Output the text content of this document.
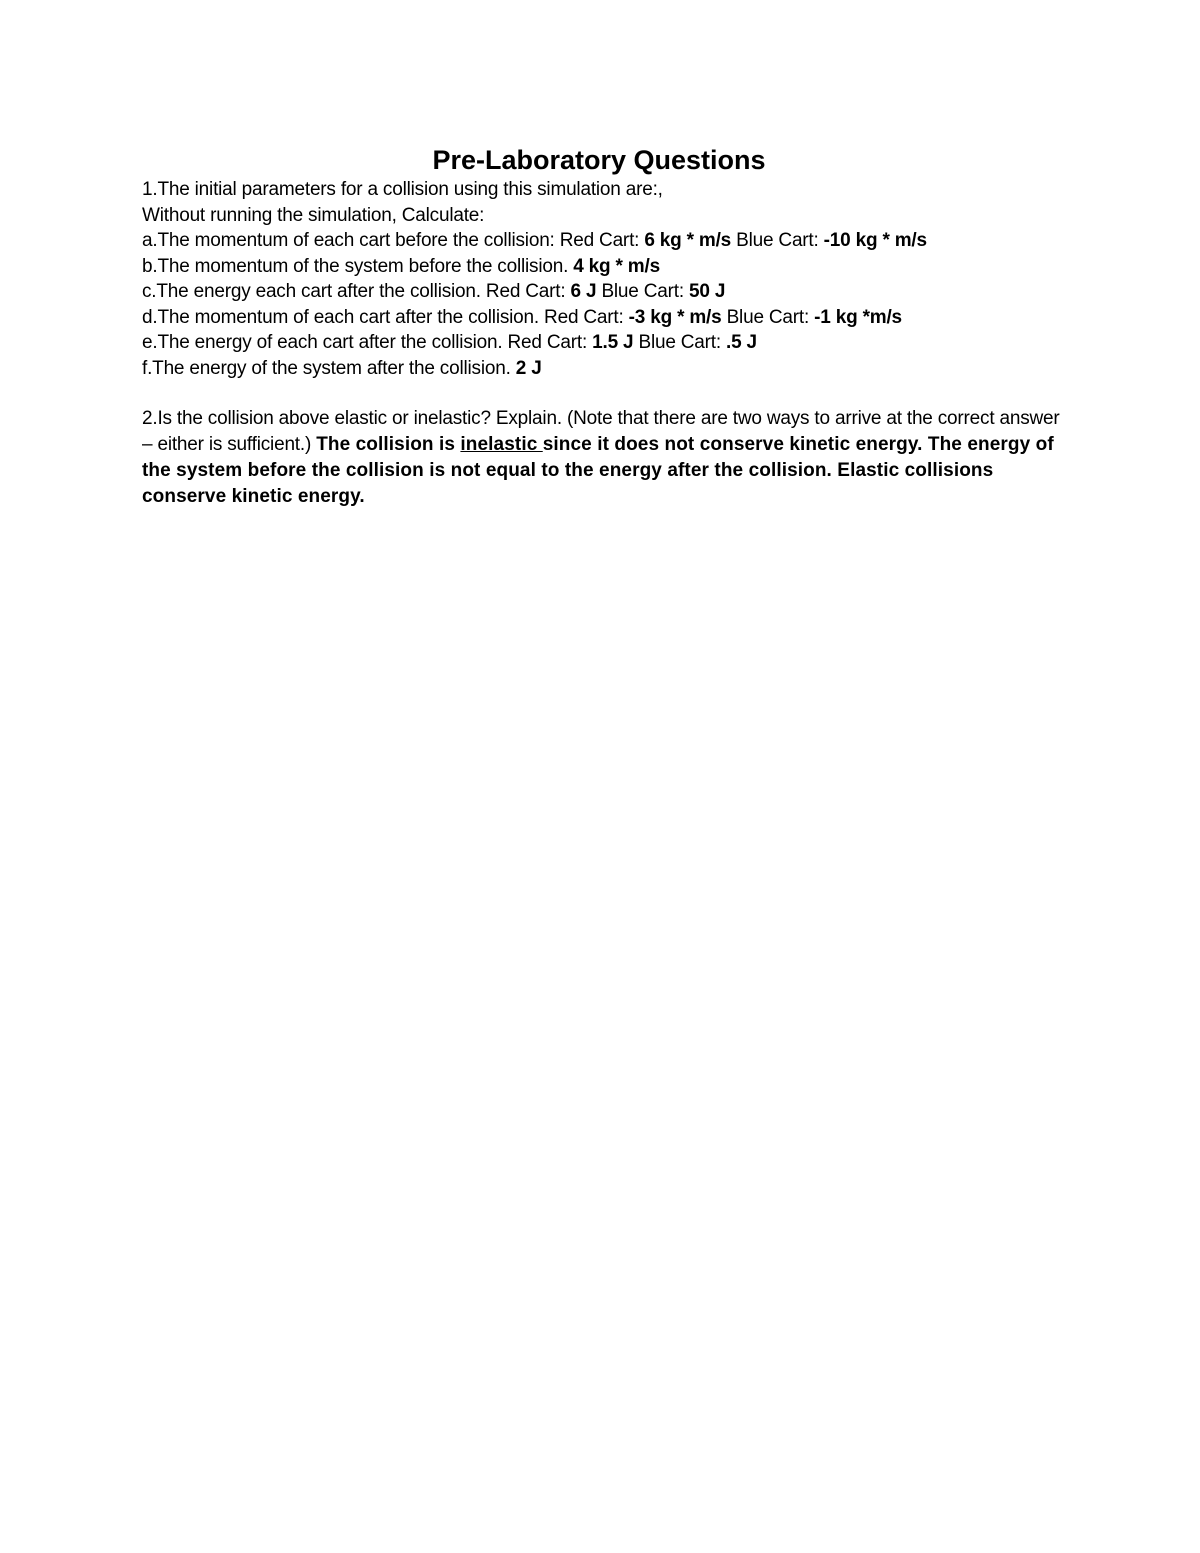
Pre-Laboratory Questions
1.The initial parameters for a collision using this simulation are:,
Without running the simulation, Calculate:
a.The momentum of each cart before the collision: Red Cart: 6 kg * m/s Blue Cart: -10 kg * m/s
b.The momentum of the system before the collision. 4 kg * m/s
c.The energy each cart after the collision. Red Cart: 6 J Blue Cart: 50 J
d.The momentum of each cart after the collision. Red Cart: -3 kg * m/s Blue Cart: -1 kg *m/s
e.The energy of each cart after the collision. Red Cart: 1.5 J Blue Cart: .5 J
f.The energy of the system after the collision. 2 J
2.Is the collision above elastic or inelastic? Explain. (Note that there are two ways to arrive at the correct answer – either is sufficient.) The collision is inelastic since it does not conserve kinetic energy. The energy of the system before the collision is not equal to the energy after the collision. Elastic collisions conserve kinetic energy.
